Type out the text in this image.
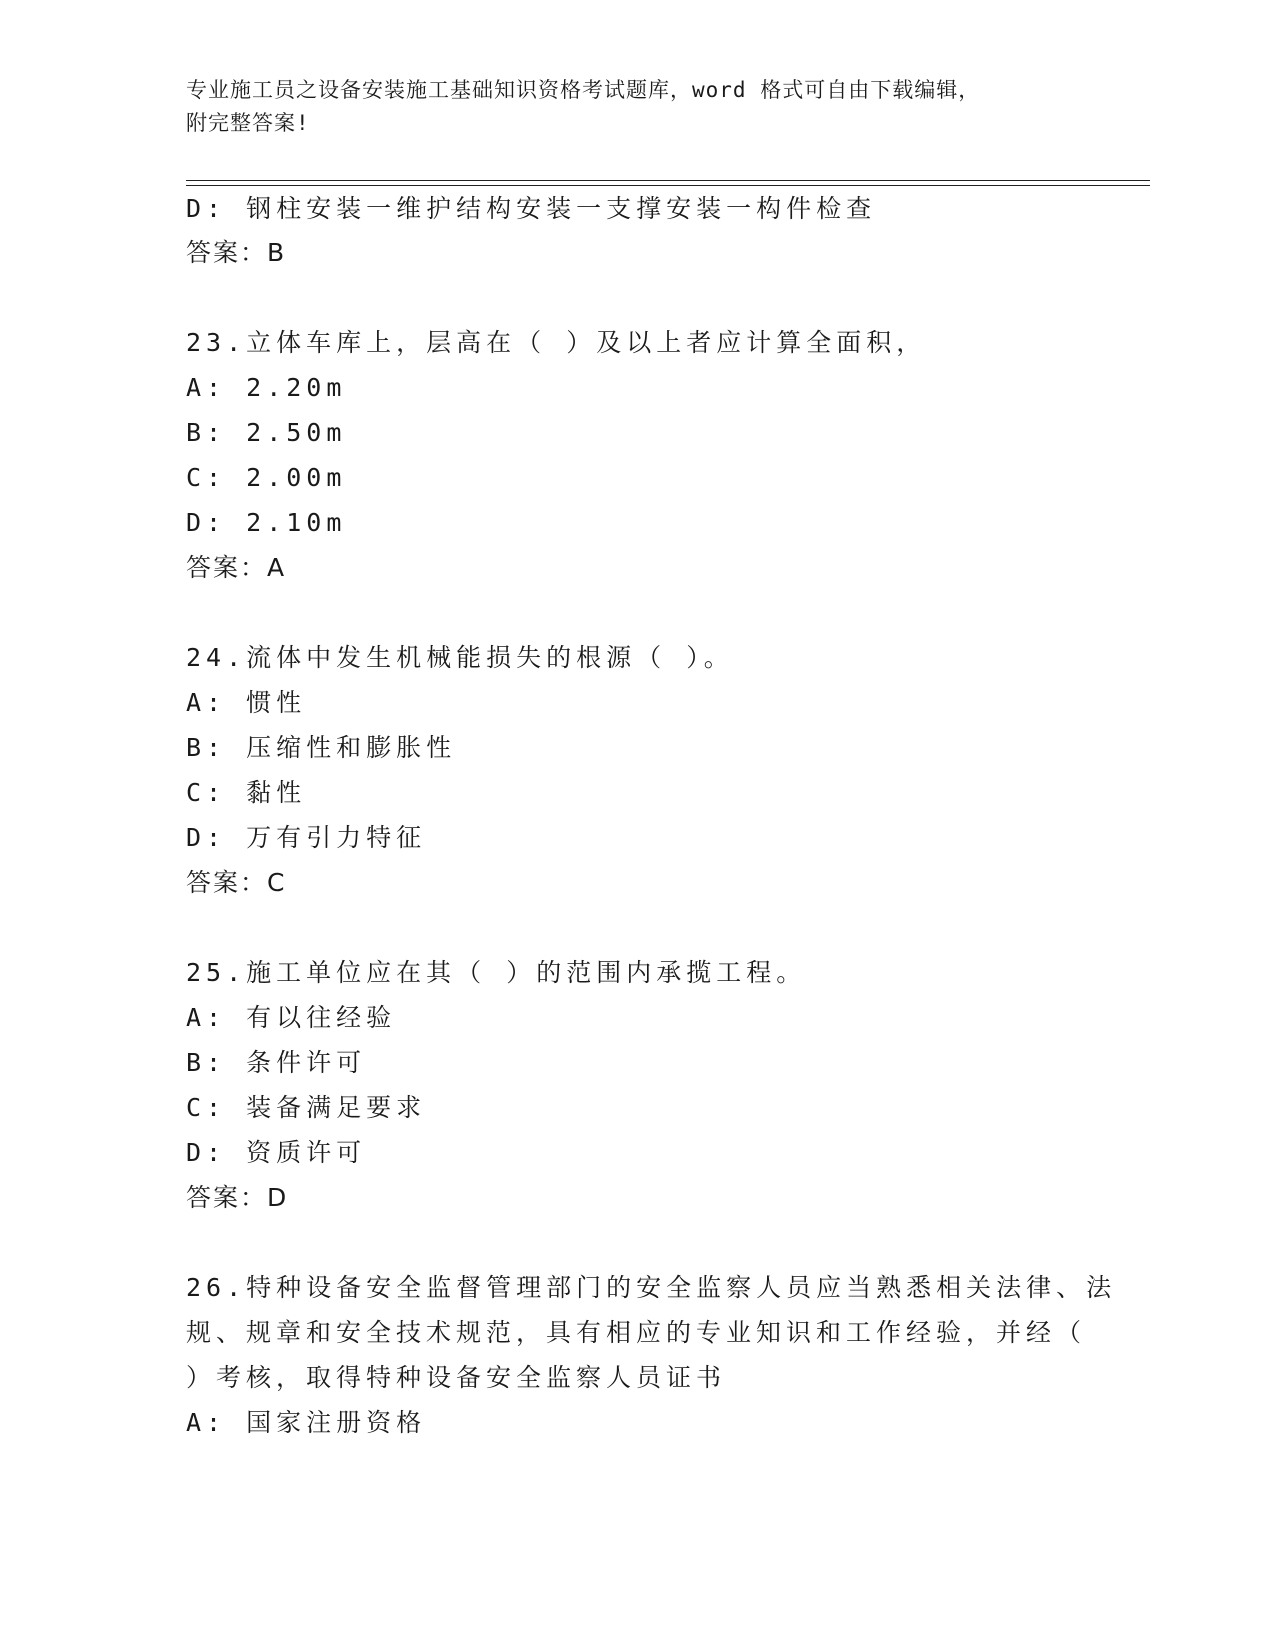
专业施工员之设备安装施工基础知识资格考试题库，word 格式可自由下载编辑，
附完整答案!
D: 钢柱安装一维护结构安装一支撑安装一构件检查
答案：B
23.立体车库上，层高在（ ）及以上者应计算全面积，
A: 2.20m
B: 2.50m
C: 2.00m
D: 2.10m
答案：A
24.流体中发生机械能损失的根源（ ）。
A: 惯性
B: 压缩性和膨胀性
C: 黏性
D: 万有引力特征
答案：C
25.施工单位应在其（ ）的范围内承揽工程。
A: 有以往经验
B: 条件许可
C: 装备满足要求
D: 资质许可
答案：D
26.特种设备安全监督管理部门的安全监察人员应当熟悉相关法律、法
规、规章和安全技术规范，具有相应的专业知识和工作经验，并经（
）考核，取得特种设备安全监察人员证书
A: 国家注册资格
